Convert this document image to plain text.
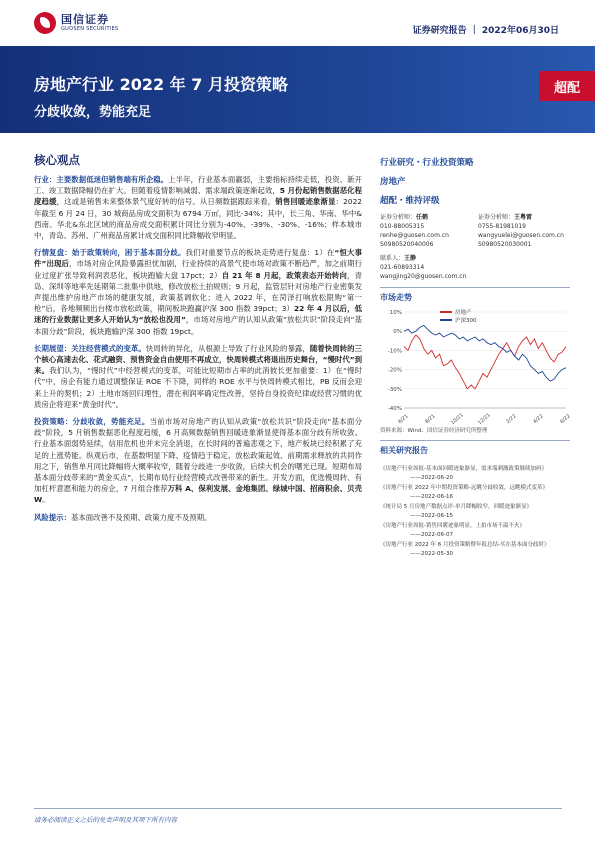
国信证券
GUOSEN SECURITIES	证券研究报告 ｜ 2022年06月30日
房地产行业 2022 年 7 月投资策略
分歧收敛，势能充足
超配
核心观点

行业：主要数据低迷但销售端有所企稳。上半年，行业基本面羸弱，主要指标持续走低，投资、新开工、竣工数据降幅仍在扩大。但随着疫情影响减弱、需求端政策逐渐起效，5 月份起销售数据恶化程度趋缓，这或是销售未来整体景气度好转的信号。从日频数据跟踪来看，销售回暖迹象渐显：2022 年截至 6 月 24 日，30 城商品房成交面积为 6794 万㎡，同比-34%；其中，长三角、华南、华中&西南、华北&东北区域的商品房成交面积累计同比分别为-40%、-39%、-30%、-16%；样本城市中，青岛、苏州、广州商品房累计成交面积同比降幅收窄明显。

行情复盘：始于政策转向，困于基本面分歧。我们对重要节点的板块走势进行复盘：1）在“恒大事件”出现后，市场对房企风险暴露担忧加剧，行业持续的高景气使市场对政策不断趋严，加之前期行业过度扩张导致利润表恶化，板块跑输大盘 17pct；2）自 21 年 8 月起，政策表态开始转向，青岛、深圳等地率先延期第二批集中供地，修改放松土拍规则；9 月起，监管层针对房地产行业密集发声提出维护房地产市场的健康发展，政策基调软化；进入 2022 年，在菏泽打响放松限购“第一枪”后，各地频频出台楼市放松政策，期间板块跑赢沪深 300 指数 39pct；3）22 年 4 月以后，低迷的行业数据让更多人开始认为“放松也没用”，市场对房地产的认知从政策“放松共识”阶段走向“基本面分歧”阶段，板块跑输沪深 300 指数 19pct。

长期展望：关注经营模式的变革。快周转的异化，从根源上导致了行业风险的暴露，随着快周转的三个核心高速去化、花式融资、预售资金自由使用不再成立，快周转模式将退出历史舞台，“慢时代”到来。我们认为，“慢时代”中经营模式的变革，可能比短期市占率的此消彼长更加重要：1）在“慢时代”中，房企有能力通过调整保证 ROE 不下降，同样的 ROE 水平与快周转模式相比，PB 反而会迎来上升的契机；2）土地市场回归理性，潜在利润率确定性改善，坚持自身投资纪律或经营习惯的优质房企将迎来“黄金时代”。

投资策略：分歧收敛，势能充足。当前市场对房地产的认知从政策“放松共识”阶段走向“基本面分歧”阶段，5 月销售数据恶化程度趋缓，6 月高频数据销售回暖迹象渐显使得基本面分歧有所收敛。行业基本面弱势延续，信用危机也并未完全消退，在长时间的普遍悲观之下，地产板块已经积累了充足的上涨势能。纵观后市，在基数明显下降、疫情趋于稳定、放松政策起效、前期需求释放的共同作用之下，销售单月同比降幅将大概率收窄，随着分歧进一步收敛，后续大机会的曙光已现。短期布局基本面分歧带来的“黄金买点”，长期布局行业经营模式改善带来的新生。开发方面，优选慢周转、有加杠杆意愿和能力的房企，7 月组合推荐万科 A、保利发展、金地集团、绿城中国、招商积余、贝壳 W。

风险提示：基本面改善不及预期、政策力度不及预期。

行业研究・行业投资策略
房地产
超配・维持评级
证券分析师：任鹤
010-88005315
renhe@guosen.com.cn
S0980520040006
证券分析师：王粤雷
0755-81981019
wangyuelei@guosen.com.cn
S0980520030001
联系人：王静
021-60893314
wangjing20@guosen.com.cn
市场走势
10%
0%
-10%
-20%
-30%
-40%
6/21	8/21	10/21 12/21	2/22	4/22	6/22
房地产
沪深300
资料来源：Wind、国信证券经济研究所整理
相关研究报告
《房地产行业周报-基本面回暖迹象渐显，需求端刺激政策继续加码》
——2022-06-20
《房地产行业 2022 年中期投资策略-远眺分歧收敛，远眺模式变革》
——2022-06-16
《统计局 5 月房地产数据点评-单月降幅收窄，回暖迹象渐显》
——2022-06-15
《房地产行业周报-销售回暖迹象明显，土拍市场不温不火》
——2022-06-07
《房地产行业 2022 年 6 月投资策略暨年报总结-买在基本面分歧时》
——2022-05-30
请务必阅读正文之后的免责声明及其项下所有内容
